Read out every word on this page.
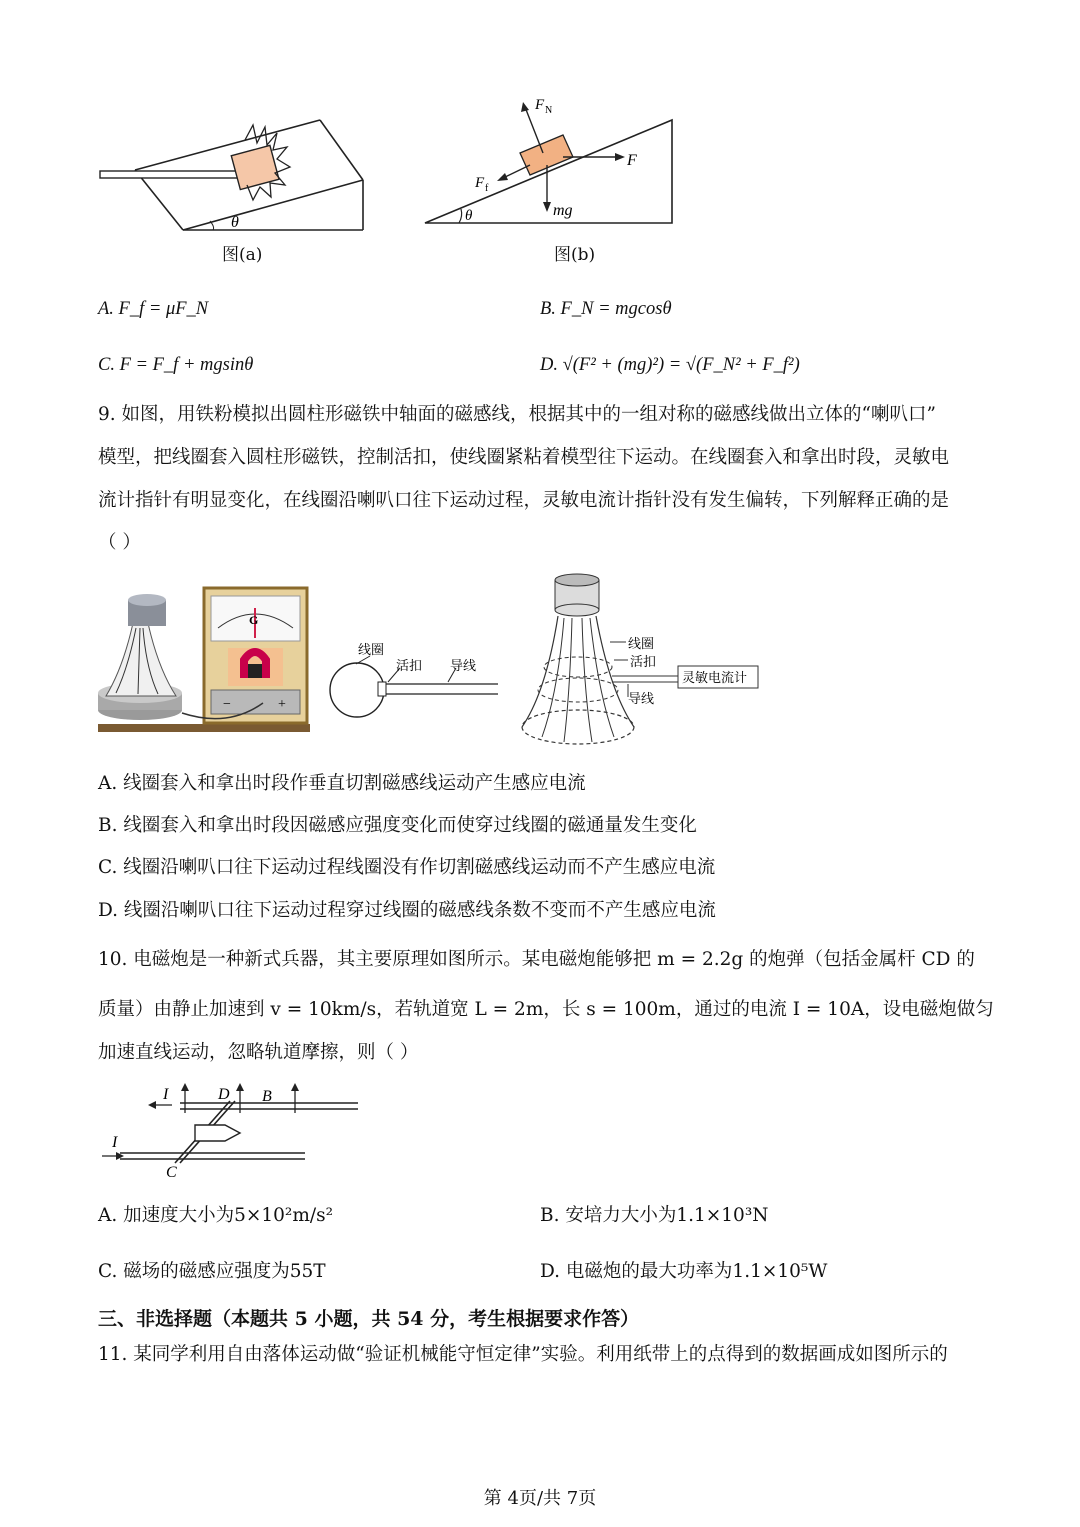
θ
图(a)
θ
F N
F
F f
mg
图(b)
A. F_f = μF_N	B. F_N = mgcosθ
C. F = F_f + mgsinθ	D. √(F² + (mg)²) = √(F_N² + F_f²)
9. 如图，用铁粉模拟出圆柱形磁铁中轴面的磁感线，根据其中的一组对称的磁感线做出立体的“喇叭口”
模型，把线圈套入圆柱形磁铁，控制活扣，使线圈紧粘着模型往下运动。在线圈套入和拿出时段，灵敏电
流计指针有明显变化，在线圈沿喇叭口往下运动过程，灵敏电流计指针没有发生偏转，下列解释正确的是
（ ）
G
−	+
线圈
活扣 导线
灵敏电流计
线圈
活扣
导线
A. 线圈套入和拿出时段作垂直切割磁感线运动产生感应电流
B. 线圈套入和拿出时段因磁感应强度变化而使穿过线圈的磁通量发生变化
C. 线圈沿喇叭口往下运动过程线圈没有作切割磁感线运动而不产生感应电流
D. 线圈沿喇叭口往下运动过程穿过线圈的磁感线条数不变而不产生感应电流
10. 电磁炮是一种新式兵器，其主要原理如图所示。某电磁炮能够把 m = 2.2g 的炮弹（包括金属杆 CD 的
质量）由静止加速到 v = 10km/s，若轨道宽 L = 2m，长 s = 100m，通过的电流 I = 10A，设电磁炮做匀
加速直线运动，忽略轨道摩擦，则（ ）
I	D B
I
C
A. 加速度大小为5×10²m/s²	B. 安培力大小为1.1×10³N
C. 磁场的磁感应强度为55T	D. 电磁炮的最大功率为1.1×10⁵W
三、非选择题（本题共 5 小题，共 54 分，考生根据要求作答）
11. 某同学利用自由落体运动做“验证机械能守恒定律”实验。利用纸带上的点得到的数据画成如图所示的
第 4页/共 7页
